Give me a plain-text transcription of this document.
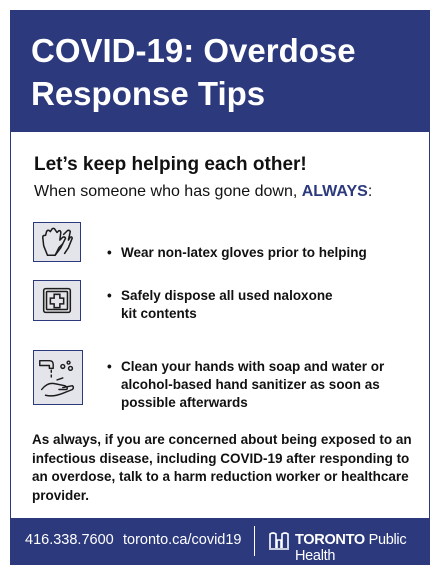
COVID-19: Overdose Response Tips

Let’s keep helping each other!

When someone who has gone down, ALWAYS:

• Wear non-latex gloves prior to helping

• Safely dispose all used naloxone
kit contents

• Clean your hands with soap and water or
alcohol-based hand sanitizer as soon as
possible afterwards

As always, if you are concerned about being exposed to an infectious disease, including COVID-19 after responding to an overdose, talk to a harm reduction worker or healthcare provider.

416.338.7600 toronto.ca/covid19	TORONTO Public Health
